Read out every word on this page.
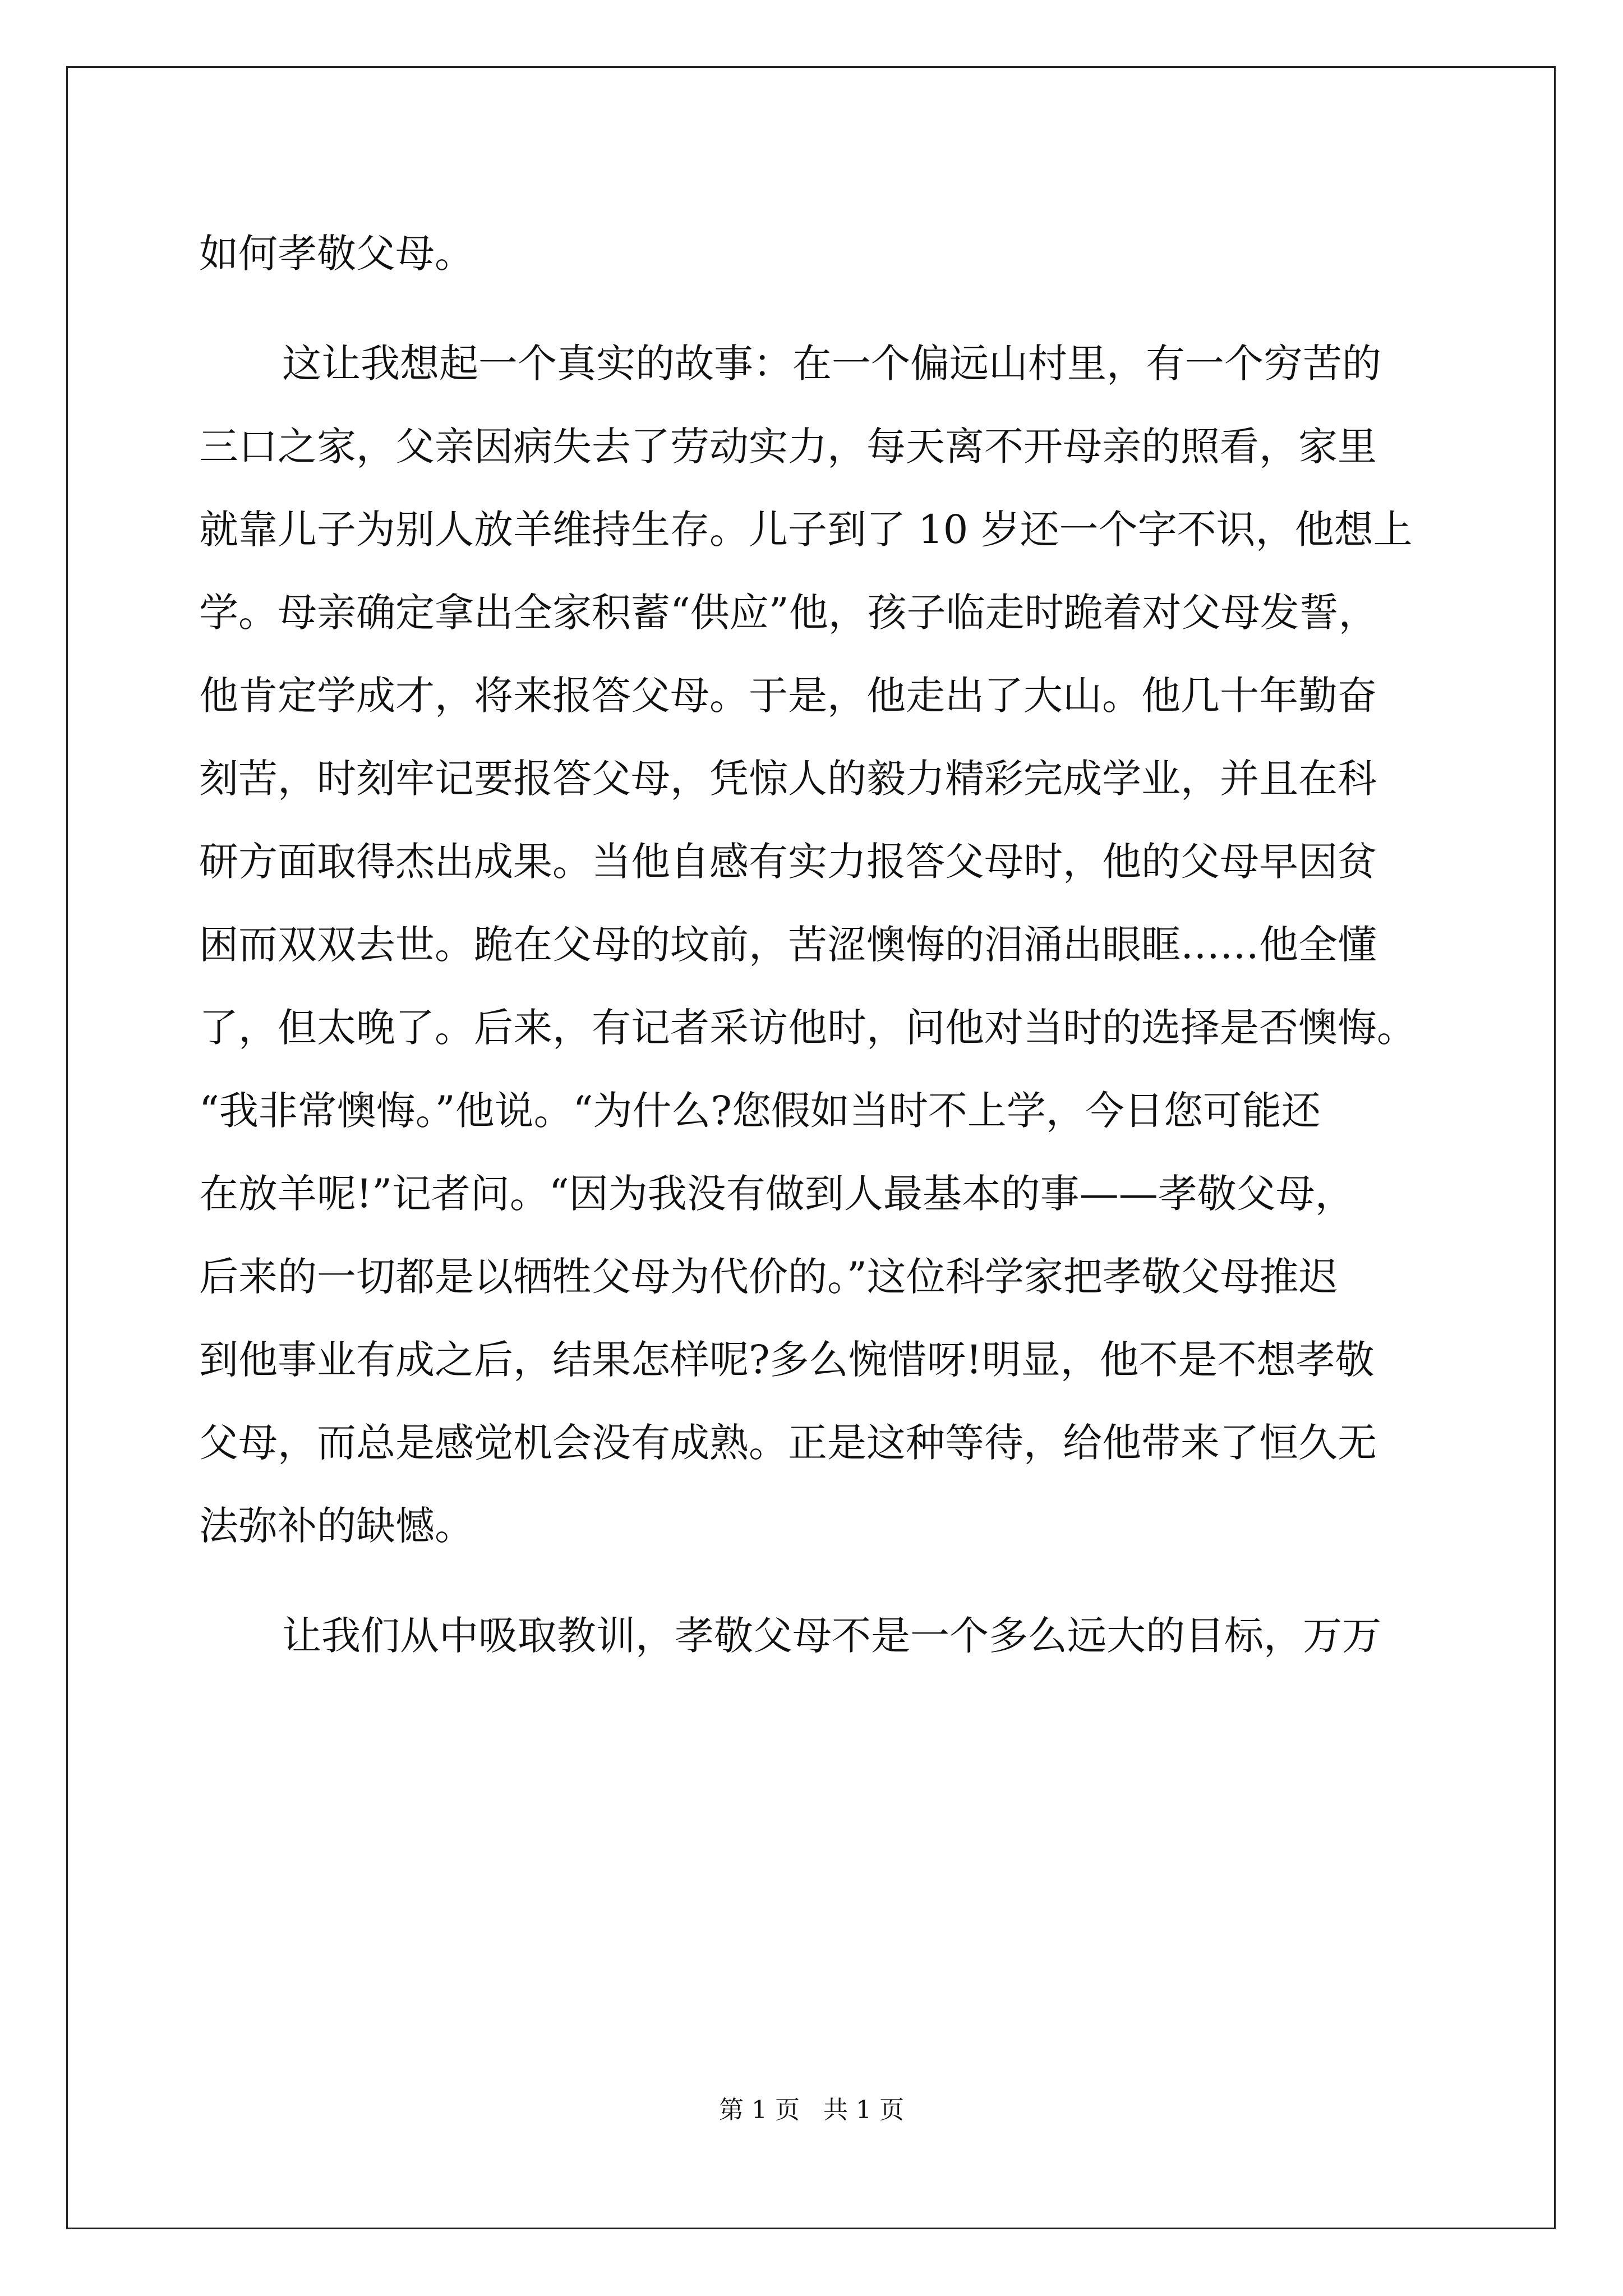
如何孝敬父母。
这让我想起一个真实的故事：在一个偏远山村里，有一个穷苦的
三口之家，父亲因病失去了劳动实力，每天离不开母亲的照看，家里
就靠儿子为别人放羊维持生存。儿子到了 10 岁还一个字不识，他想上
学。母亲确定拿出全家积蓄“供应”他，孩子临走时跪着对父母发誓，
他肯定学成才，将来报答父母。于是，他走出了大山。他几十年勤奋
刻苦，时刻牢记要报答父母，凭惊人的毅力精彩完成学业，并且在科
研方面取得杰出成果。当他自感有实力报答父母时，他的父母早因贫
困而双双去世。跪在父母的坟前，苦涩懊悔的泪涌出眼眶……他全懂
了，但太晚了。后来，有记者采访他时，问他对当时的选择是否懊悔。
“我非常懊悔。”他说。“为什么?您假如当时不上学，今日您可能还
在放羊呢!”记者问。“因为我没有做到人最基本的事——孝敬父母，
后来的一切都是以牺牲父母为代价的。”这位科学家把孝敬父母推迟
到他事业有成之后，结果怎样呢?多么惋惜呀!明显，他不是不想孝敬
父母，而总是感觉机会没有成熟。正是这种等待，给他带来了恒久无
法弥补的缺憾。
让我们从中吸取教训，孝敬父母不是一个多么远大的目标，万万
第 1 页   共 1 页
